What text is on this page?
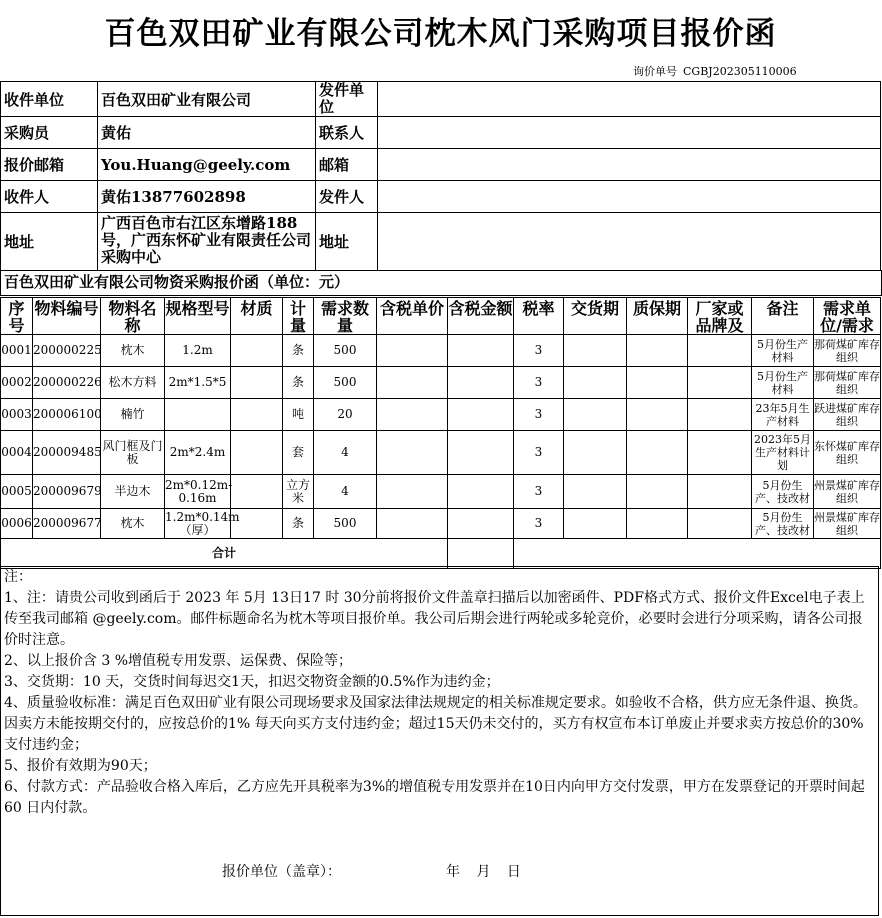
百色双田矿业有限公司枕木风门采购项目报价函
询价单号 CGBJ202305110006
收件单位	百色双田矿业有限公司	发件单位	
采购员	黄佑	联系人	
报价邮箱	You.Huang@geely.com	邮箱	
收件人	黄佑13877602898	发件人	
地址	广西百色市右江区东增路188号，广西东怀矿业有限责任公司采购中心	地址	
百色双田矿业有限公司物资采购报价函（单位：元）
序号	物料编号	物料名称	规格型号	材质	计量	需求数量	含税单价	含税金额	税率	交货期	质保期	厂家或品牌及	备注	需求单位/需求
0001	200000225	枕木	1.2m		条	500			3				5月份生产材料	那荷煤矿库存组织
0002	200000226	松木方料	2m*1.5*5		条	500			3				5月份生产材料	那荷煤矿库存组织
0003	200006100	楠竹			吨	20			3				23年5月生产材料	跃进煤矿库存组织
0004	200009485	风门框及门板	2m*2.4m		套	4			3				2023年5月生产材料计划	东怀煤矿库存组织
0005	200009679	半边木	2m*0.12m-0.16m		立方米	4			3				5月份生产、技改材	州景煤矿库存组织
0006	200009677	枕木	1.2m*0.14m（厚）		条	500			3				5月份生产、技改材	州景煤矿库存组织
合计														

注：

1、注：请贵公司收到函后于 2023 年 5月 13日17 时 30分前将报价文件盖章扫描后以加密函件、PDF格式方式、报价文件Excel电子表上传至我司邮箱 @geely.com。邮件标题命名为枕木等项目报价单。我公司后期会进行两轮或多轮竞价，必要时会进行分项采购，请各公司报价时注意。

2、以上报价含 3 %增值税专用发票、运保费、保险等；

3、交货期：10 天，交货时间每迟交1天，扣迟交物资金额的0.5%作为违约金；

4、质量验收标准：满足百色双田矿业有限公司现场要求及国家法律法规规定的相关标准规定要求。如验收不合格，供方应无条件退、换货。因卖方未能按期交付的，应按总价的1% 每天向买方支付违约金；超过15天仍未交付的，买方有权宣布本订单废止并要求卖方按总价的30%支付违约金；

5、报价有效期为90天；

6、付款方式：产品验收合格入库后，乙方应先开具税率为3%的增值税专用发票并在10日内向甲方交付发票，甲方在发票登记的开票时间起 60 日内付款。

报价单位（盖章）：	年 月 日
